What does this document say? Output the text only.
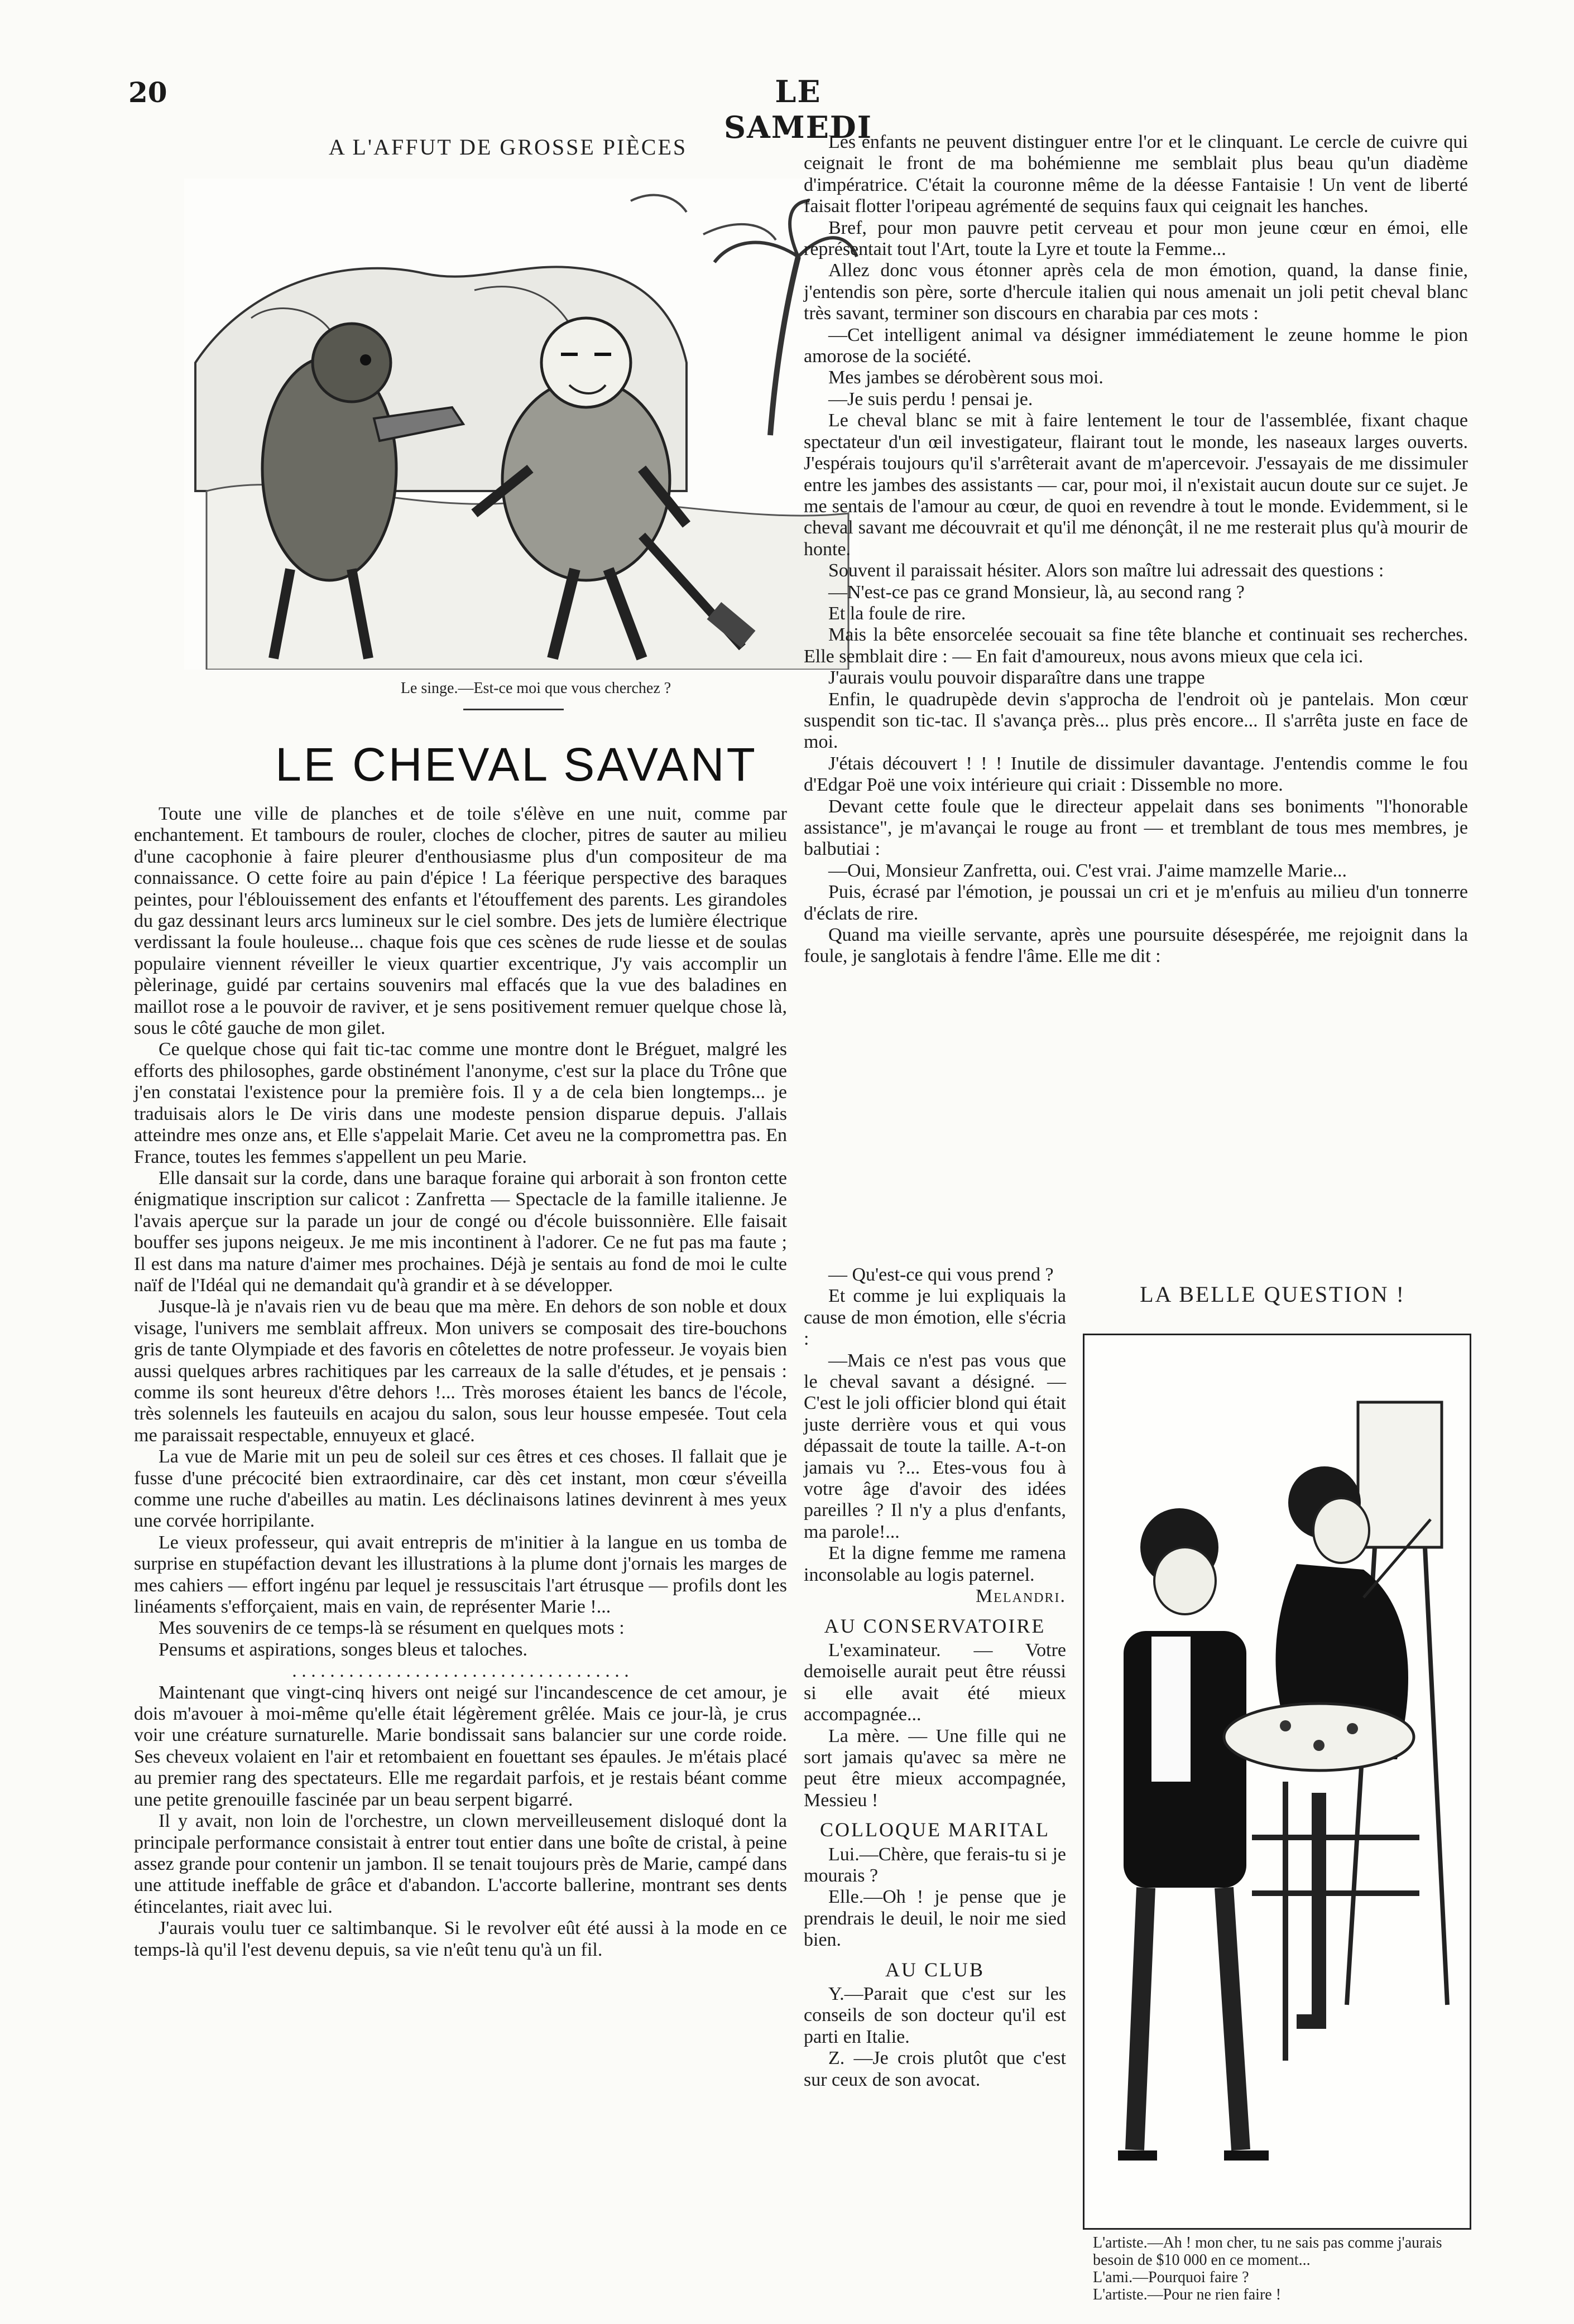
20	LE SAMEDI
A L'AFFUT DE GROSSE PIÈCES
Le singe.—Est-ce moi que vous cherchez ?
LE CHEVAL SAVANT

Toute une ville de planches et de toile s'élève en une nuit, comme par enchantement. Et tambours de rouler, cloches de clocher, pitres de sauter au milieu d'une cacophonie à faire pleurer d'enthousiasme plus d'un compositeur de ma connaissance. O cette foire au pain d'épice ! La féerique perspective des baraques peintes, pour l'éblouissement des enfants et l'étouffement des parents. Les girandoles du gaz dessinant leurs arcs lumineux sur le ciel sombre. Des jets de lumière électrique verdissant la foule houleuse... chaque fois que ces scènes de rude liesse et de soulas populaire viennent réveiller le vieux quartier excentrique, J'y vais accomplir un pèlerinage, guidé par certains souvenirs mal effacés que la vue des baladines en maillot rose a le pouvoir de raviver, et je sens positivement remuer quelque chose là, sous le côté gauche de mon gilet.

Ce quelque chose qui fait tic-tac comme une montre dont le Bréguet, malgré les efforts des philosophes, garde obstinément l'anonyme, c'est sur la place du Trône que j'en constatai l'existence pour la première fois. Il y a de cela bien longtemps... je traduisais alors le De viris dans une modeste pension disparue depuis. J'allais atteindre mes onze ans, et Elle s'appelait Marie. Cet aveu ne la compromettra pas. En France, toutes les femmes s'appellent un peu Marie.

Elle dansait sur la corde, dans une baraque foraine qui arborait à son fronton cette énigmatique inscription sur calicot : Zanfretta — Spectacle de la famille italienne. Je l'avais aperçue sur la parade un jour de congé ou d'école buissonnière. Elle faisait bouffer ses jupons neigeux. Je me mis incontinent à l'adorer. Ce ne fut pas ma faute ; Il est dans ma nature d'aimer mes prochaines. Déjà je sentais au fond de moi le culte naïf de l'Idéal qui ne demandait qu'à grandir et à se développer.

Jusque-là je n'avais rien vu de beau que ma mère. En dehors de son noble et doux visage, l'univers me semblait affreux. Mon univers se composait des tire-bouchons gris de tante Olympiade et des favoris en côtelettes de notre professeur. Je voyais bien aussi quelques arbres rachitiques par les carreaux de la salle d'études, et je pensais : comme ils sont heureux d'être dehors !... Très moroses étaient les bancs de l'école, très solennels les fauteuils en acajou du salon, sous leur housse empesée. Tout cela me paraissait respectable, ennuyeux et glacé.

La vue de Marie mit un peu de soleil sur ces êtres et ces choses. Il fallait que je fusse d'une précocité bien extraordinaire, car dès cet instant, mon cœur s'éveilla comme une ruche d'abeilles au matin. Les déclinaisons latines devinrent à mes yeux une corvée horripilante.

Le vieux professeur, qui avait entrepris de m'initier à la langue en us tomba de surprise en stupéfaction devant les illustrations à la plume dont j'ornais les marges de mes cahiers — effort ingénu par lequel je ressuscitais l'art étrusque — profils dont les linéaments s'efforçaient, mais en vain, de représenter Marie !...

Mes souvenirs de ce temps-là se résument en quelques mots :

Pensums et aspirations, songes bleus et taloches.

. . . . . . . . . . . . . . . . . . . . . . . . . . . . . . . . . . . .

Maintenant que vingt-cinq hivers ont neigé sur l'incandescence de cet amour, je dois m'avouer à moi-même qu'elle était légèrement grêlée. Mais ce jour-là, je crus voir une créature surnaturelle. Marie bondissait sans balancier sur une corde roide. Ses cheveux volaient en l'air et retombaient en fouettant ses épaules. Je m'étais placé au premier rang des spectateurs. Elle me regardait parfois, et je restais béant comme une petite grenouille fascinée par un beau serpent bigarré.

Il y avait, non loin de l'orchestre, un clown merveilleusement disloqué dont la principale performance consistait à entrer tout entier dans une boîte de cristal, à peine assez grande pour contenir un jambon. Il se tenait toujours près de Marie, campé dans une attitude ineffable de grâce et d'abandon. L'accorte ballerine, montrant ses dents étincelantes, riait avec lui.

J'aurais voulu tuer ce saltimbanque. Si le revolver eût été aussi à la mode en ce temps-là qu'il l'est devenu depuis, sa vie n'eût tenu qu'à un fil.

Les enfants ne peuvent distinguer entre l'or et le clinquant. Le cercle de cuivre qui ceignait le front de ma bohémienne me semblait plus beau qu'un diadème d'impératrice. C'était la couronne même de la déesse Fantaisie ! Un vent de liberté faisait flotter l'oripeau agrémenté de sequins faux qui ceignait les hanches.

Bref, pour mon pauvre petit cerveau et pour mon jeune cœur en émoi, elle représentait tout l'Art, toute la Lyre et toute la Femme...

Allez donc vous étonner après cela de mon émotion, quand, la danse finie, j'entendis son père, sorte d'hercule italien qui nous amenait un joli petit cheval blanc très savant, terminer son discours en charabia par ces mots :

—Cet intelligent animal va désigner immédiatement le zeune homme le pion amorose de la société.

Mes jambes se dérobèrent sous moi.

—Je suis perdu ! pensai je.

Le cheval blanc se mit à faire lentement le tour de l'assemblée, fixant chaque spectateur d'un œil investigateur, flairant tout le monde, les naseaux larges ouverts. J'espérais toujours qu'il s'arrêterait avant de m'apercevoir. J'essayais de me dissimuler entre les jambes des assistants — car, pour moi, il n'existait aucun doute sur ce sujet. Je me sentais de l'amour au cœur, de quoi en revendre à tout le monde. Evidemment, si le cheval savant me découvrait et qu'il me dénonçât, il ne me resterait plus qu'à mourir de honte.

Souvent il paraissait hésiter. Alors son maître lui adressait des questions :

—N'est-ce pas ce grand Monsieur, là, au second rang ?

Et la foule de rire.

Mais la bête ensorcelée secouait sa fine tête blanche et continuait ses recherches. Elle semblait dire : — En fait d'amoureux, nous avons mieux que cela ici.

J'aurais voulu pouvoir disparaître dans une trappe

Enfin, le quadrupède devin s'approcha de l'endroit où je pantelais. Mon cœur suspendit son tic-tac. Il s'avança près... plus près encore... Il s'arrêta juste en face de moi.

J'étais découvert ! ! ! Inutile de dissimuler davantage. J'entendis comme le fou d'Edgar Poë une voix intérieure qui criait : Dissemble no more.

Devant cette foule que le directeur appelait dans ses boniments "l'honorable assistance", je m'avançai le rouge au front — et tremblant de tous mes membres, je balbutiai :

—Oui, Monsieur Zanfretta, oui. C'est vrai. J'aime mamzelle Marie...

Puis, écrasé par l'émotion, je poussai un cri et je m'enfuis au milieu d'un tonnerre d'éclats de rire.

Quand ma vieille servante, après une poursuite désespérée, me rejoignit dans la foule, je sanglotais à fendre l'âme. Elle me dit :

— Qu'est-ce qui vous prend ?

Et comme je lui expliquais la cause de mon émotion, elle s'écria :

—Mais ce n'est pas vous que le cheval savant a désigné. — C'est le joli officier blond qui était juste derrière vous et qui vous dépassait de toute la taille. A-t-on jamais vu ?... Etes-vous fou à votre âge d'avoir des idées pareilles ? Il n'y a plus d'enfants, ma parole!...

Et la digne femme me ramena inconsolable au logis paternel.

Melandri.

AU CONSERVATOIRE

L'examinateur. — Votre demoiselle aurait peut être réussi si elle avait été mieux accompagnée...

La mère. — Une fille qui ne sort jamais qu'avec sa mère ne peut être mieux accompagnée, Messieu !

COLLOQUE MARITAL

Lui.—Chère, que ferais-tu si je mourais ?

Elle.—Oh ! je pense que je prendrais le deuil, le noir me sied bien.

AU CLUB

Y.—Parait que c'est sur les conseils de son docteur qu'il est parti en Italie.

Z. —Je crois plutôt que c'est sur ceux de son avocat.

LA BELLE QUESTION !
L'artiste.—Ah ! mon cher, tu ne sais pas comme j'aurais besoin de $10 000 en ce moment...
L'ami.—Pourquoi faire ?
L'artiste.—Pour ne rien faire !
